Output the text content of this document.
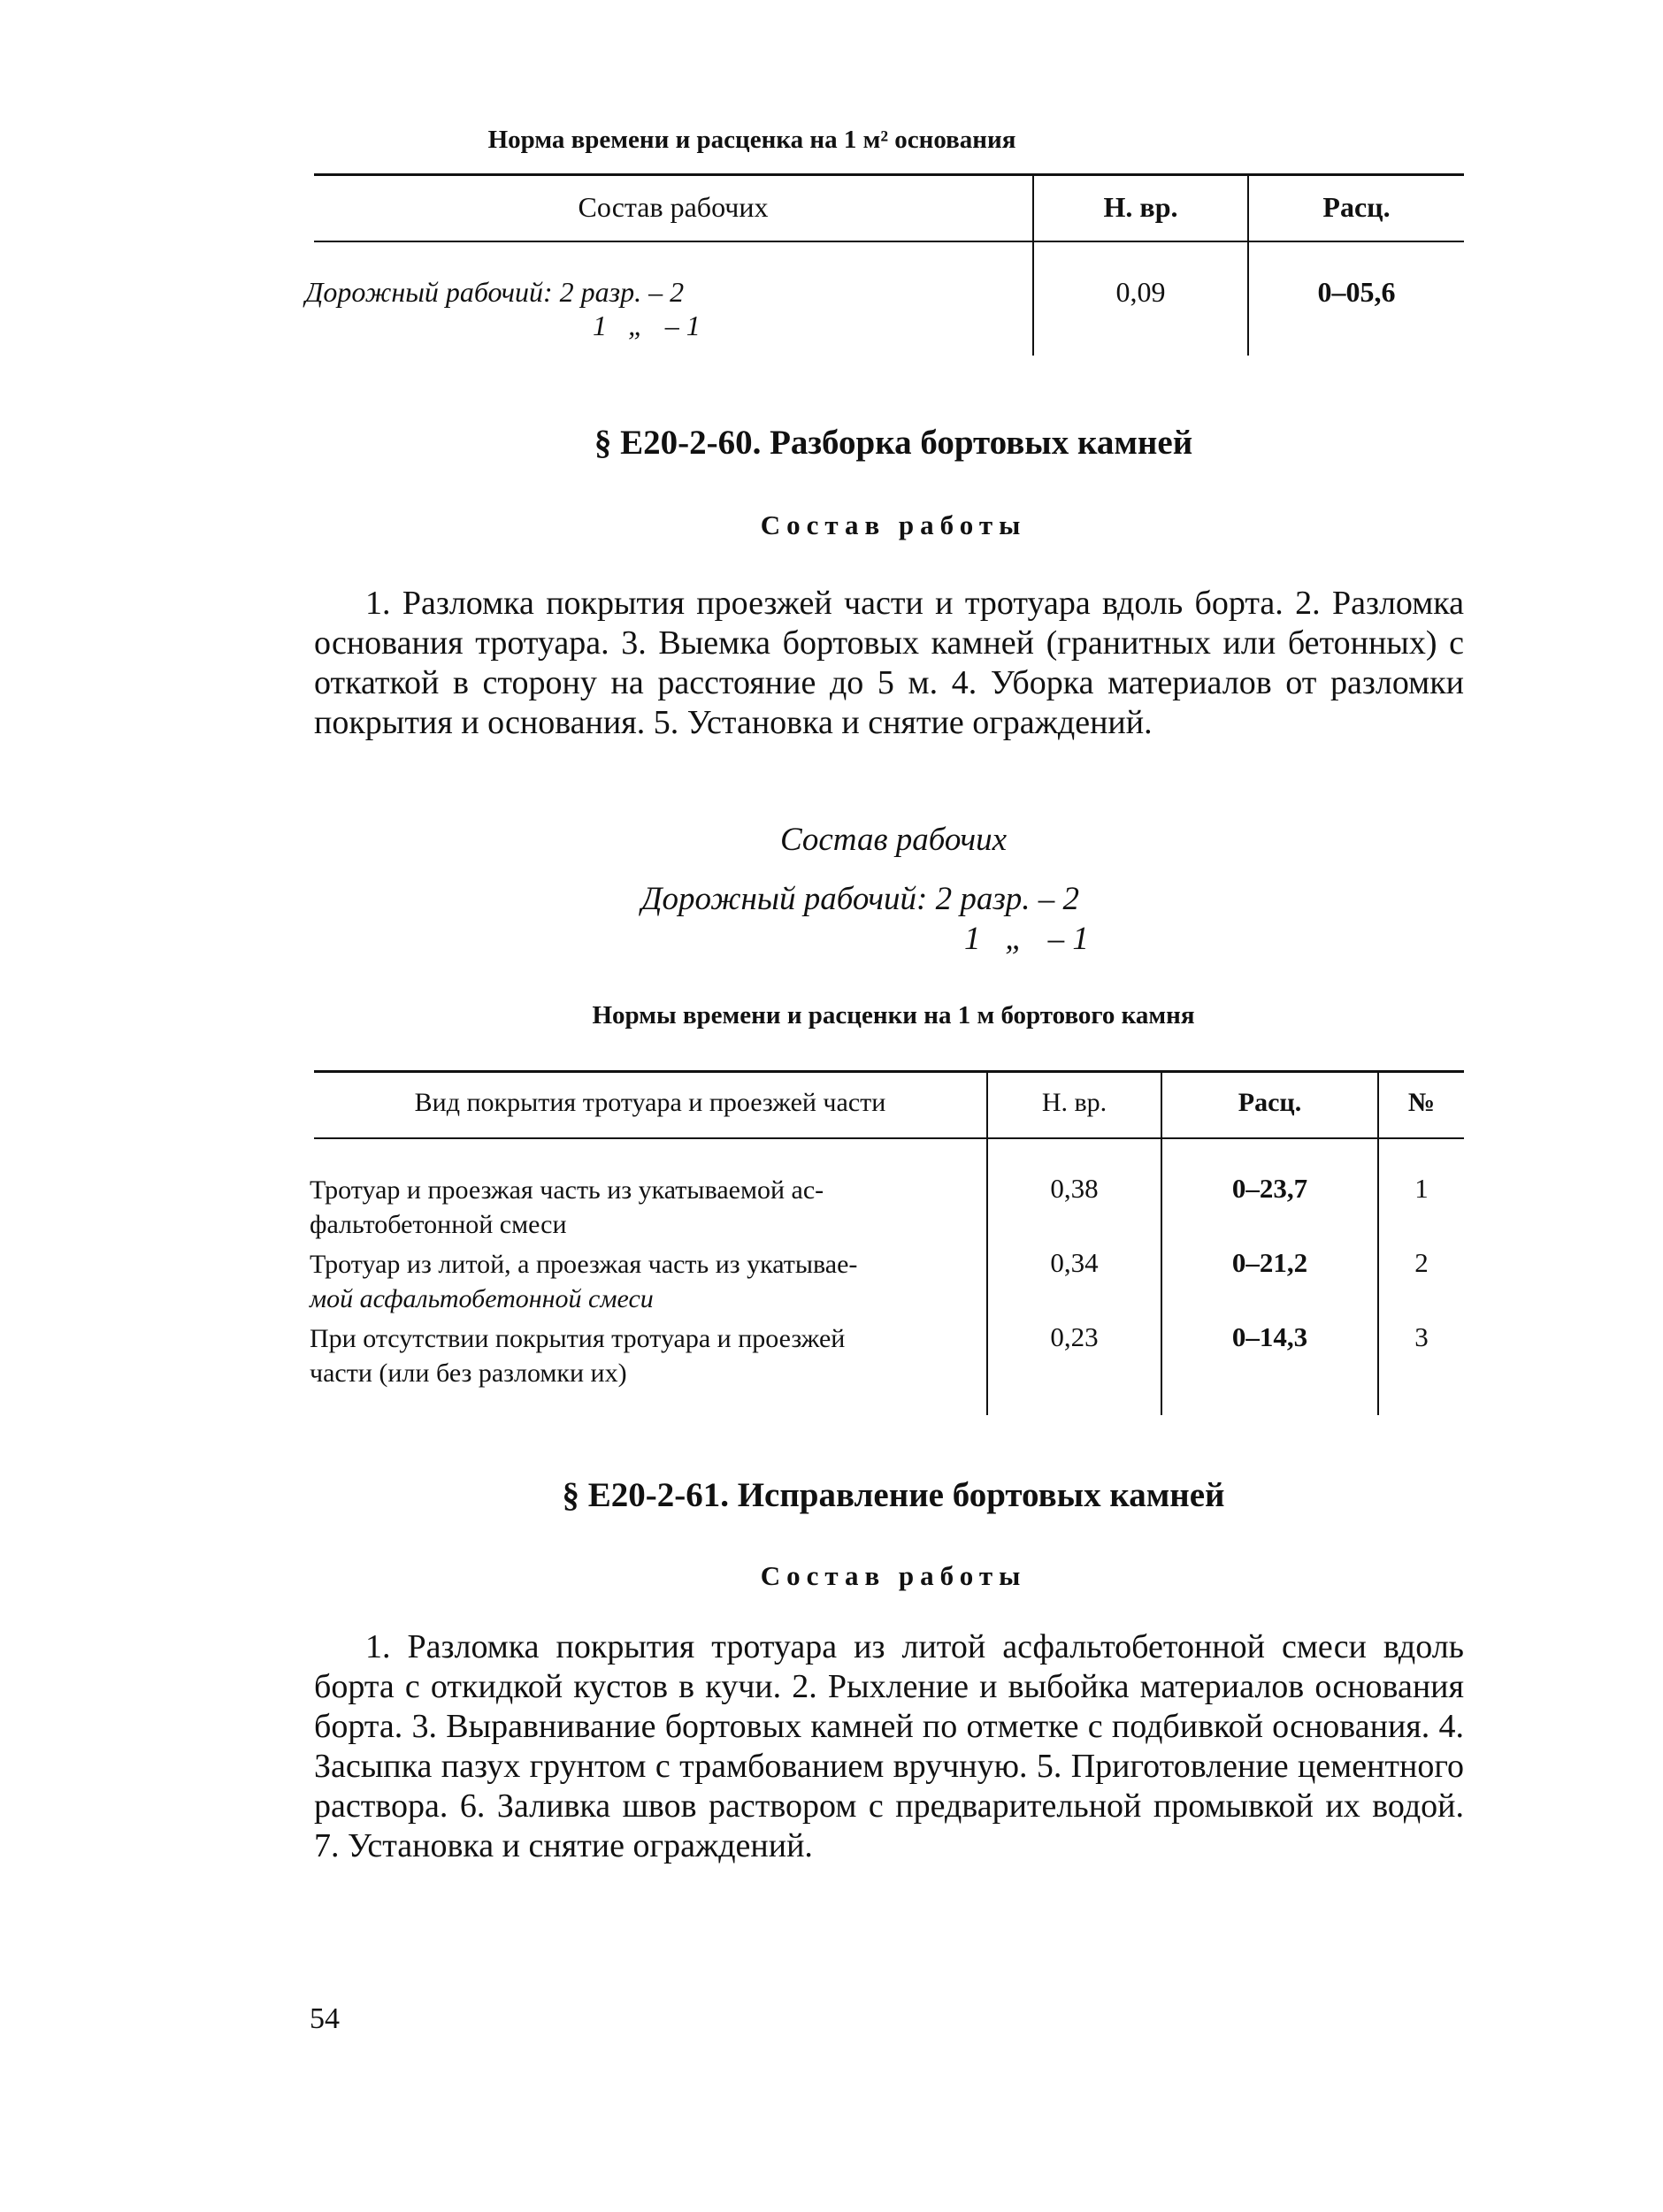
Норма времени и расценка на 1 м² основания
Состав рабочих	Н. вр.	Расц.
Дорожный рабочий: 2 разр. – 2
1   „   – 1
0,09	0–05,6
§ Е20-2-60. Разборка бортовых камней
Состав работы
1. Разломка покрытия проезжей части и тротуара вдоль борта. 2. Разломка основания тротуара. 3. Выемка бортовых камней (гранитных или бетонных) с откаткой в сторону на расстояние до 5 м. 4. Уборка материалов от разломки покрытия и основания. 5. Установка и снятие ограждений.
Состав рабочих
Дорожный рабочий: 2 разр. – 2
1   „   – 1
Нормы времени и расценки на 1 м бортового камня
Вид покрытия тротуара и проезжей части	Н. вр.	Расц.	№
Тротуар и проезжая часть из укатываемой ас-
фальтобетонной смеси
0,38	0–23,7	1
Тротуар из литой, а проезжая часть из укатывае-
мой асфальтобетонной смеси
0,34	0–21,2	2
При отсутствии покрытия тротуара и проезжей
части (или без разломки их)
0,23	0–14,3	3
§ Е20-2-61. Исправление бортовых камней
Состав работы
1. Разломка покрытия тротуара из литой асфальтобетонной смеси вдоль борта с откидкой кустов в кучи. 2. Рыхление и выбойка материалов основания борта. 3. Выравнивание бортовых камней по отметке с подбивкой основания. 4. Засыпка пазух грунтом с трамбованием вручную. 5. Приготовление цементного раствора. 6. Заливка швов раствором с предварительной промывкой их водой. 7. Установка и снятие ограждений.
54
